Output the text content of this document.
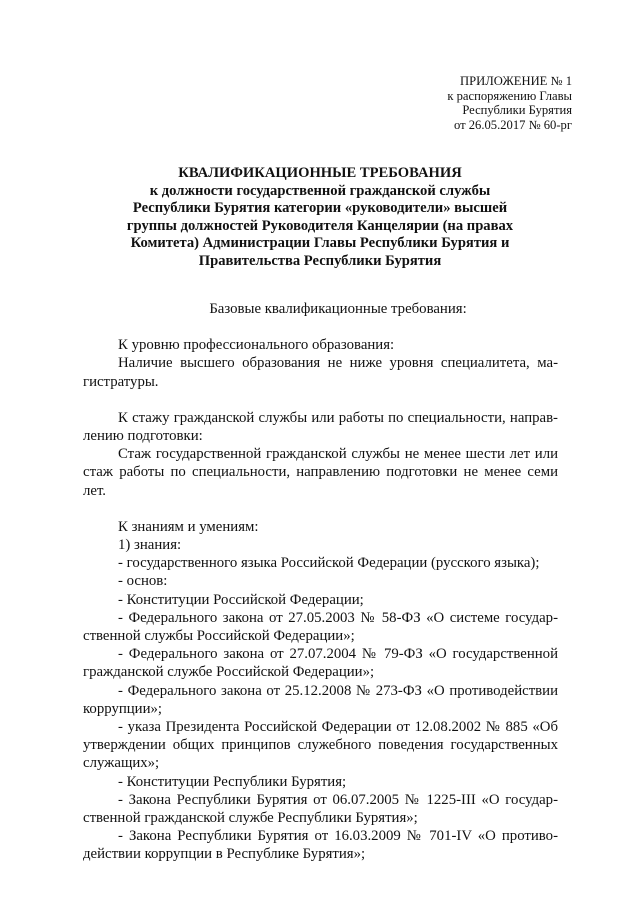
ПРИЛОЖЕНИЕ № 1
к распоряжению Главы
Республики Бурятия
от 26.05.2017 № 60-рг
КВАЛИФИКАЦИОННЫЕ ТРЕБОВАНИЯ
к должности государственной гражданской службы
Республики Бурятия категории «руководители» высшей
группы должностей Руководителя Канцелярии (на правах
Комитета) Администрации Главы Республики Бурятия и
Правительства Республики Бурятия
Базовые квалификационные требования:
К уровню профессионального образования:
Наличие высшего образования не ниже уровня специалитета, ма-
гистратуры.
К стажу гражданской службы или работы по специальности, направ-
лению подготовки:
Стаж государственной гражданской службы не менее шести лет или
стаж работы по специальности, направлению подготовки не менее семи
лет.
К знаниям и умениям:
1) знания:
- государственного языка Российской Федерации (русского языка);
- основ:
- Конституции Российской Федерации;
- Федерального закона от 27.05.2003 № 58-ФЗ «О системе государ-
ственной службы Российской Федерации»;
- Федерального закона от 27.07.2004 № 79-ФЗ «О государственной
гражданской службе Российской Федерации»;
- Федерального закона от 25.12.2008 № 273-ФЗ «О противодействии
коррупции»;
- указа Президента Российской Федерации от 12.08.2002 № 885 «Об
утверждении общих принципов служебного поведения государственных
служащих»;
- Конституции Республики Бурятия;
- Закона Республики Бурятия от 06.07.2005 № 1225-III «О государ-
ственной гражданской службе Республики Бурятия»;
- Закона Республики Бурятия от 16.03.2009 № 701-IV «О противо-
действии коррупции в Республике Бурятия»;
